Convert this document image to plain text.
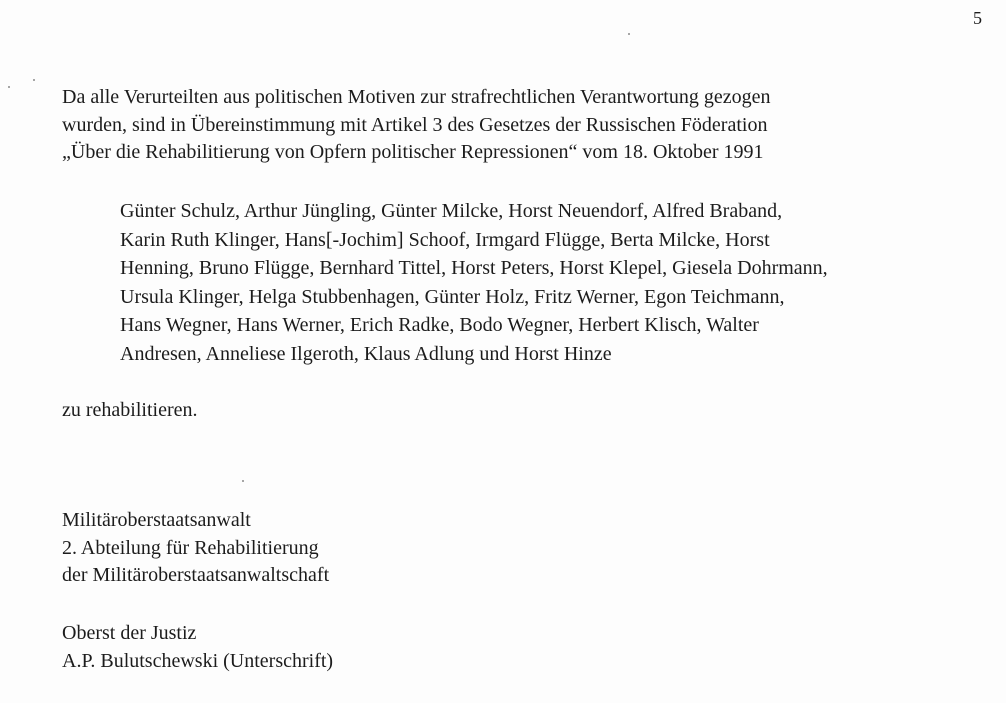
5
Da alle Verurteilten aus politischen Motiven zur strafrechtlichen Verantwortung gezogen
wurden, sind in Übereinstimmung mit Artikel 3 des Gesetzes der Russischen Föderation
„Über die Rehabilitierung von Opfern politischer Repressionen“ vom 18. Oktober 1991
Günter Schulz, Arthur Jüngling, Günter Milcke, Horst Neuendorf, Alfred Braband,
Karin Ruth Klinger, Hans[-Jochim] Schoof, Irmgard Flügge, Berta Milcke, Horst
Henning, Bruno Flügge, Bernhard Tittel, Horst Peters, Horst Klepel, Giesela Dohrmann,
Ursula Klinger, Helga Stubbenhagen, Günter Holz, Fritz Werner, Egon Teichmann,
Hans Wegner, Hans Werner, Erich Radke, Bodo Wegner, Herbert Klisch, Walter
Andresen, Anneliese Ilgeroth, Klaus Adlung und Horst Hinze
zu rehabilitieren.
Militäroberstaatsanwalt
2. Abteilung für Rehabilitierung
der Militäroberstaatsanwaltschaft
Oberst der Justiz
A.P. Bulutschewski (Unterschrift)
